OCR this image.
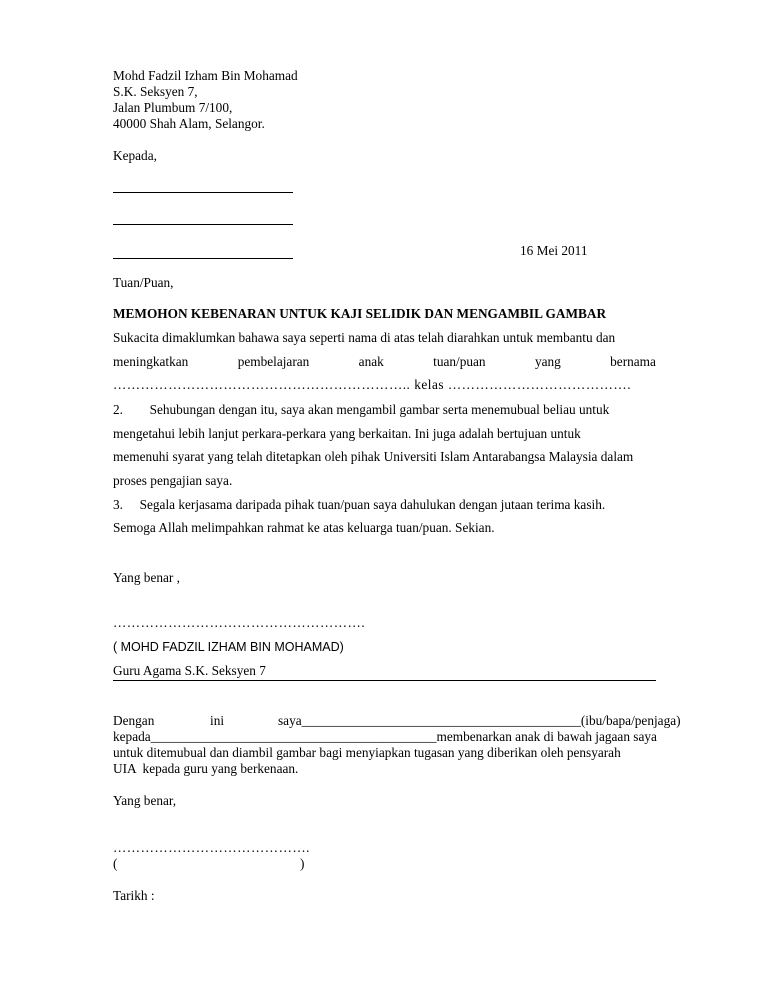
Mohd Fadzil Izham Bin Mohamad
S.K. Seksyen 7,
Jalan Plumbum 7/100,
40000 Shah Alam, Selangor.
Kepada,
16 Mei 2011
Tuan/Puan,
MEMOHON KEBENARAN UNTUK KAJI SELIDIK DAN MENGAMBIL GAMBAR
Sukacita dimaklumkan bahawa saya seperti nama di atas telah diarahkan untuk membantu dan
meningkatkan	pembelajaran	anak	tuan/puan	yang	bernama
……………………………………………………….. kelas ………………………………….
2.        Sehubungan dengan itu, saya akan mengambil gambar serta menemubual beliau untuk
mengetahui lebih lanjut perkara-perkara yang berkaitan. Ini juga adalah bertujuan untuk
memenuhi syarat yang telah ditetapkan oleh pihak Universiti Islam Antarabangsa Malaysia dalam
proses pengajian saya.
3.     Segala kerjasama daripada pihak tuan/puan saya dahulukan dengan jutaan terima kasih.
Semoga Allah melimpahkan rahmat ke atas keluarga tuan/puan. Sekian.
Yang benar ,
……………………………………………….
( MOHD FADZIL IZHAM BIN MOHAMAD)
Guru Agama S.K. Seksyen 7
Dengan	ini	saya__________________________________________(ibu/bapa/penjaga)
kepada___________________________________________membenarkan anak di bawah jagaan saya
untuk ditemubual dan diambil gambar bagi menyiapkan tugasan yang diberikan oleh pensyarah
UIA  kepada guru yang berkenaan.
Yang benar,
…………………………………….
(	)
Tarikh :
